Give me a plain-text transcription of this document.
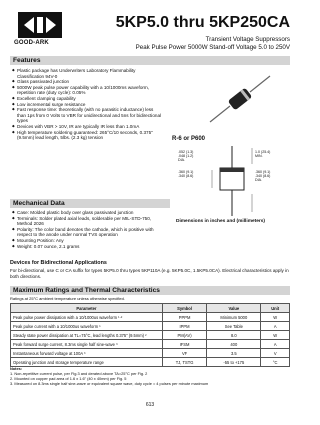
GOOD-ARK
5KP5.0 thru 5KP250CA
Transient Voltage Suppressors
Peak Pulse Power 5000W Stand-off Voltage 5.0 to 250V
Features
◆ Plastic package has Underwriters Laboratory Flammability Classification 94V-0
◆ Glass passivated junction
◆ 5000W peak pulse power capability with a 10/1000ms waveform, repetition rate (duty cycle): 0.05%
◆ Excellent clamping capability
◆ Low incremental surge resistance
◆ Fast response time: theoretically (with no parasitic inductance) less than 1ps from 0 Volts to VBR for unidirectional and 5ns for bidirectional types
◆ Devices with VBR > 10V, IR are typically IR less than 1.0mA
◆ High temperature soldering guaranteed: 265°C/10 seconds, 0.375" (9.5mm) lead length, 5lbs. (2.3 kg) tension	R-6 or P600
.052 (1.3)
.048 (1.2)
DIA.
1.0 (25.4)
MIN.
.360 (9.1)
.340 (8.6)
.360 (9.1)
.340 (8.6)
DIA.
Dimensions in inches and (millimeters)
Mechanical Data
◆ Case: Molded plastic body over glass passivated junction
◆ Terminals: Solder plated axial leads, solderable per MIL-STD-750, Method 2026
◆ Polarity: The color band denotes the cathode, which is positive with respect to the anode under normal TVS operation
◆ Mounting Position: Any
◆ Weight: 0.07 ounce, 2.1 grams
Devices for Bidirectional Applications
For bi-directional, use C or CA suffix for types 5KP5.0 thru types 5KP110A (e.g. 5KP5.0C, 1.5KP5.0CA). Electrical characteristics apply in both directions.
Maximum Ratings and Thermal Characteristics
Ratings at 25°C ambient temperature unless otherwise specified.
Parameter	Symbol	Value	Unit
Peak pulse power dissipation with a 10/1000us waveform ¹·²	PPPM	Minimum 5000	W
Peak pulse current with a 10/1000us waveform ¹	IPPM	See Table	A
Steady state power dissipation at TL=75°C, lead lengths 0.375" (9.5mm) ²	PM(AV)	8.0	W
Peak forward surge current, 8.3ms single half sine-wave ³	IFSM	400	A
Instantaneous forward voltage at 100A ³	VF	3.5	V
Operating junction and storage temperature range	TJ, TSTG	-55 to +175	°C
Notes:
1. Non-repetitive current pulse, per Fig.3 and derated above TA=25°C per Fig. 2
2. Mounted on copper pad area of 1.6 x 1.6" (40 x 40mm) per Fig. 5
3. Measured on 8.3ms single half sine-wave or equivalent square wave, duty cycle = 4 pulses per minute maximum
613
